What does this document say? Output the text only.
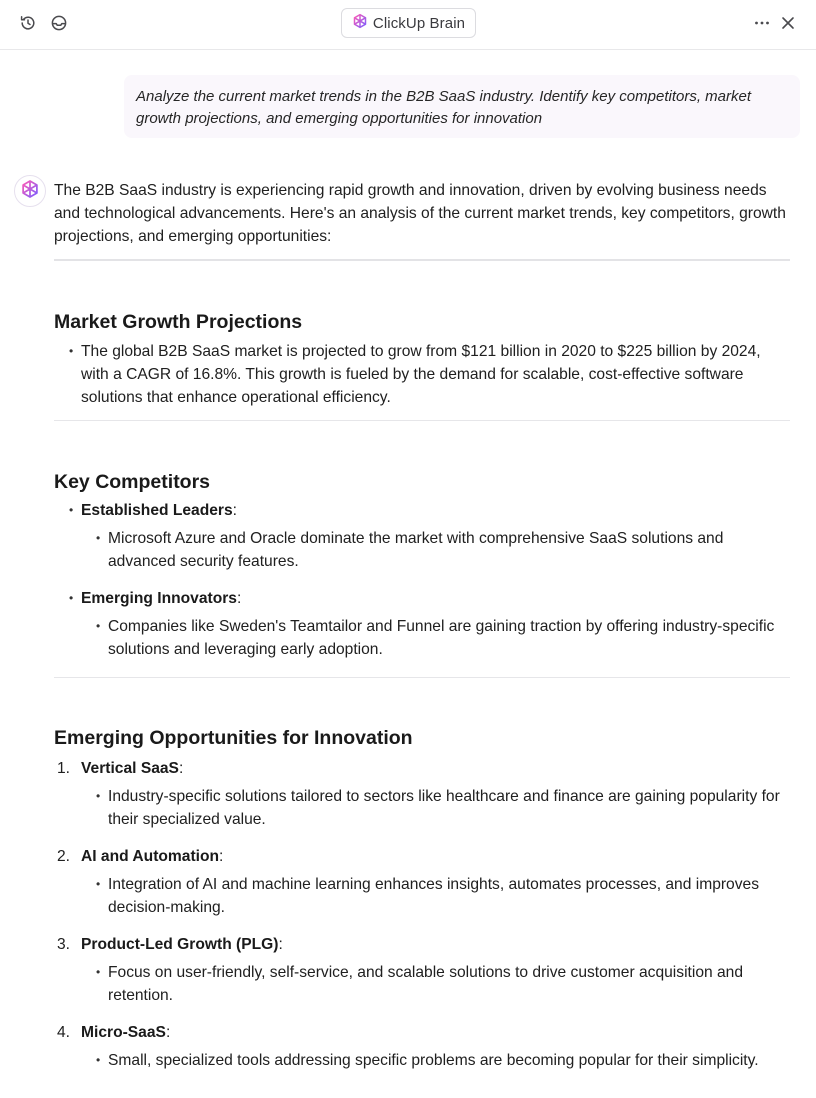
ClickUp Brain

Analyze the current market trends in the B2B SaaS industry. Identify key competitors, market growth projections, and emerging opportunities for innovation

The B2B SaaS industry is experiencing rapid growth and innovation, driven by evolving business needs and technological advancements. Here's an analysis of the current market trends, key competitors, growth projections, and emerging opportunities:

Market Growth Projections
• The global B2B SaaS market is projected to grow from $121 billion in 2020 to $225 billion by 2024, with a CAGR of 16.8%. This growth is fueled by the demand for scalable, cost-effective software solutions that enhance operational efficiency.
Key Competitors
• Established Leaders:
• Microsoft Azure and Oracle dominate the market with comprehensive SaaS solutions and advanced security features.
• Emerging Innovators:
• Companies like Sweden's Teamtailor and Funnel are gaining traction by offering industry-specific solutions and leveraging early adoption.
Emerging Opportunities for Innovation
1. Vertical SaaS:
• Industry-specific solutions tailored to sectors like healthcare and finance are gaining popularity for their specialized value.
2. AI and Automation:
• Integration of AI and machine learning enhances insights, automates processes, and improves decision-making.
3. Product-Led Growth (PLG):
• Focus on user-friendly, self-service, and scalable solutions to drive customer acquisition and retention.
4. Micro-SaaS:
• Small, specialized tools addressing specific problems are becoming popular for their simplicity.
